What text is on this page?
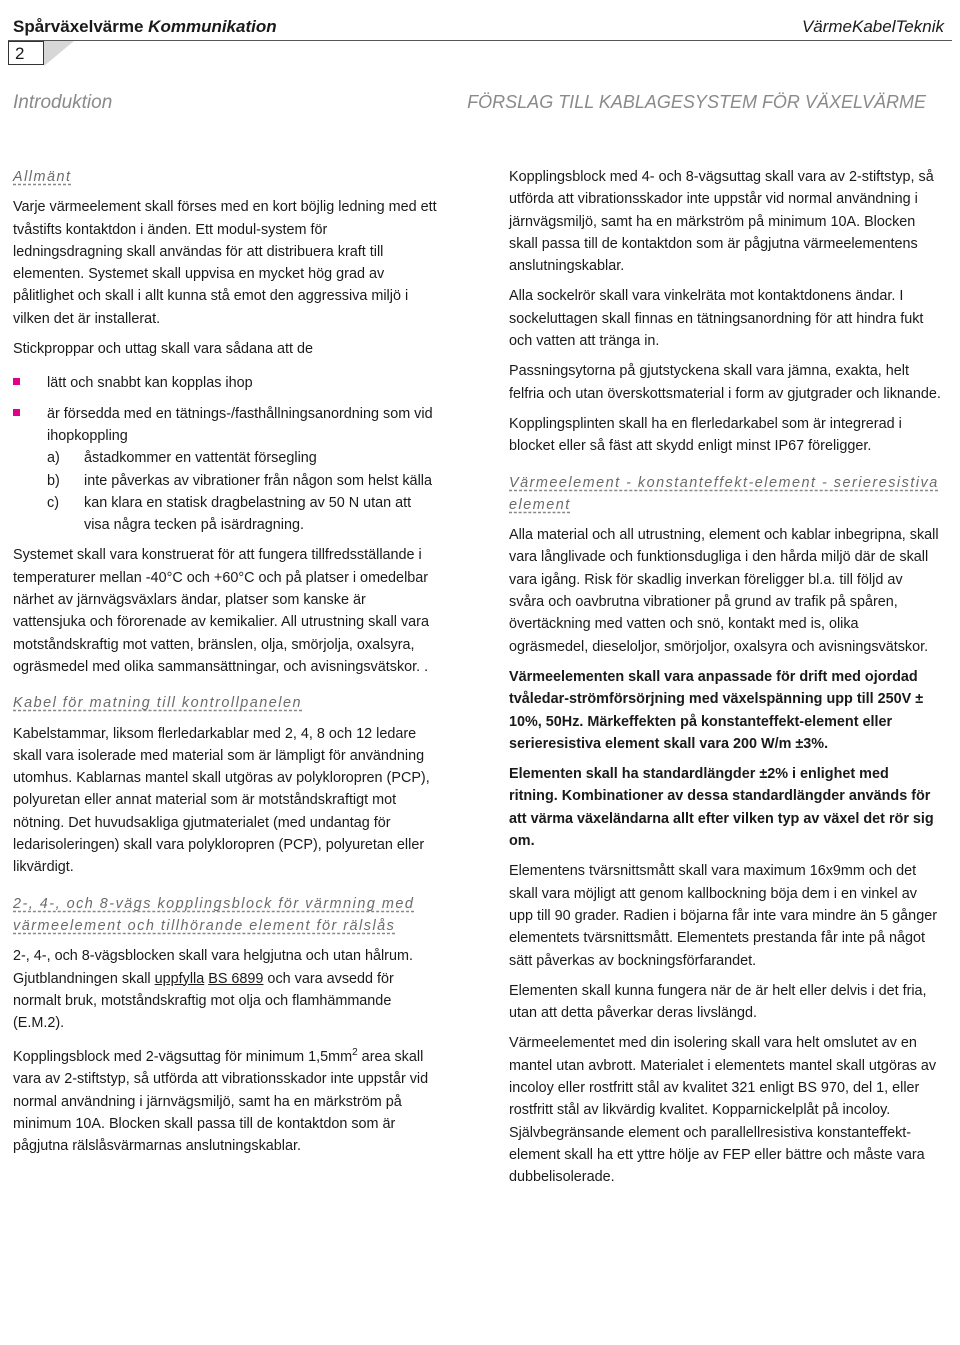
Spårväxelvärme Kommunikation	VärmeKabelTeknik
2
Introduktion	FÖRSLAG TILL KABLAGESYSTEM FÖR VÄXELVÄRME

Allmänt

Varje värmeelement skall förses med en kort böjlig ledning med ett tvåstifts kontaktdon i änden. Ett modul-system för ledningsdragning skall användas för att distribuera kraft till elementen. Systemet skall uppvisa en mycket hög grad av pålitlighet och skall i allt kunna stå emot den aggressiva miljö i vilken det är installerat.

Stickproppar och uttag skall vara sådana att de

lätt och snabbt kan kopplas ihop
är försedda med en tätnings-/fasthållningsanordning som vid ihopkoppling
a)	åstadkommer en vattentät försegling
b)	inte påverkas av vibrationer från någon som helst källa
c)	kan klara en statisk dragbelastning av 50 N utan att visa några tecken på isärdragning.

Systemet skall vara konstruerat för att fungera tillfredsställande i temperaturer mellan -40°C och +60°C och på platser i omedelbar närhet av järnvägsväxlars ändar, platser som kanske är vattensjuka och förorenade av kemikalier. All utrustning skall vara motståndskraftig mot vatten, bränslen, olja, smörjolja, oxalsyra, ogräsmedel med olika sammansättningar, och avisningsvätskor. .

Kabel för matning till kontrollpanelen

Kabelstammar, liksom flerledarkablar med 2, 4, 8 och 12 ledare skall vara isolerade med material som är lämpligt för användning utomhus. Kablarnas mantel skall utgöras av polykloropren (PCP), polyuretan eller annat material som är motståndskraftigt mot nötning. Det huvudsakliga gjutmaterialet (med undantag för ledarisoleringen) skall vara polykloropren (PCP), polyuretan eller likvärdigt.

2-, 4-, och 8-vägs kopplingsblock för värmning med värmeelement och tillhörande element för rälslås

2-, 4-, och 8-vägsblocken skall vara helgjutna och utan hålrum. Gjutblandningen skall uppfylla BS 6899 och vara avsedd för normalt bruk, motståndskraftig mot olja och flamhämmande (E.M.2).

Kopplingsblock med 2-vägsuttag för minimum $1,5mm^2$ area skall vara av 2-stiftstyp, så utförda att vibrationsskador inte uppstår vid normal användning i järnvägsmiljö, samt ha en märkström på minimum 10A. Blocken skall passa till de kontaktdon som är pågjutna rälslåsvärmarnas anslutningskablar.

Kopplingsblock med 4- och 8-vägsuttag skall vara av 2-stiftstyp, så utförda att vibrationsskador inte uppstår vid normal användning i järnvägsmiljö, samt ha en märkström på minimum 10A. Blocken skall passa till de kontaktdon som är pågjutna värmeelementens anslutningskablar.

Alla sockelrör skall vara vinkelräta mot kontaktdonens ändar. I sockeluttagen skall finnas en tätningsanordning för att hindra fukt och vatten att tränga in.

Passningsytorna på gjutstyckena skall vara jämna, exakta, helt felfria och utan överskottsmaterial i form av gjutgrader och liknande.

Kopplingsplinten skall ha en flerledarkabel som är integrerad i blocket eller så fäst att skydd enligt minst IP67 föreligger.

Värmeelement - konstanteffekt-element - serieresistiva element

Alla material och all utrustning, element och kablar inbegripna, skall vara långlivade och funktionsdugliga i den hårda miljö där de skall vara igång. Risk för skadlig inverkan föreligger bl.a. till följd av svåra och oavbrutna vibrationer på grund av trafik på spåren, övertäckning med vatten och snö, kontakt med is, olika ogräsmedel, dieseloljor, smörjoljor, oxalsyra och avisningsvätskor.

Värmeelementen skall vara anpassade för drift med ojordad tvåledar-strömförsörjning med växelspänning upp till 250V ± 10%, 50Hz. Märkeffekten på konstanteffekt-element eller serieresistiva element skall vara 200 W/m ±3%.

Elementen skall ha standardlängder ±2% i enlighet med ritning. Kombinationer av dessa standardlängder används för att värma växeländarna allt efter vilken typ av växel det rör sig om.

Elementens tvärsnittsmått skall vara maximum 16x9mm och det skall vara möjligt att genom kallbockning böja dem i en vinkel av upp till 90 grader. Radien i böjarna får inte vara mindre än 5 gånger elementets tvärsnittsmått. Elementets prestanda får inte på något sätt påverkas av bockningsförfarandet.

Elementen skall kunna fungera när de är helt eller delvis i det fria, utan att detta påverkar deras livslängd.

Värmeelementet med din isolering skall vara helt omslutet av en mantel utan avbrott. Materialet i elementets mantel skall utgöras av incoloy eller rostfritt stål av kvalitet 321 enligt BS 970, del 1, eller rostfritt stål av likvärdig kvalitet. Kopparnickelplåt på incoloy. Självbegränsande element och parallellresistiva konstanteffekt-element skall ha ett yttre hölje av FEP eller bättre och måste vara dubbelisolerade.
